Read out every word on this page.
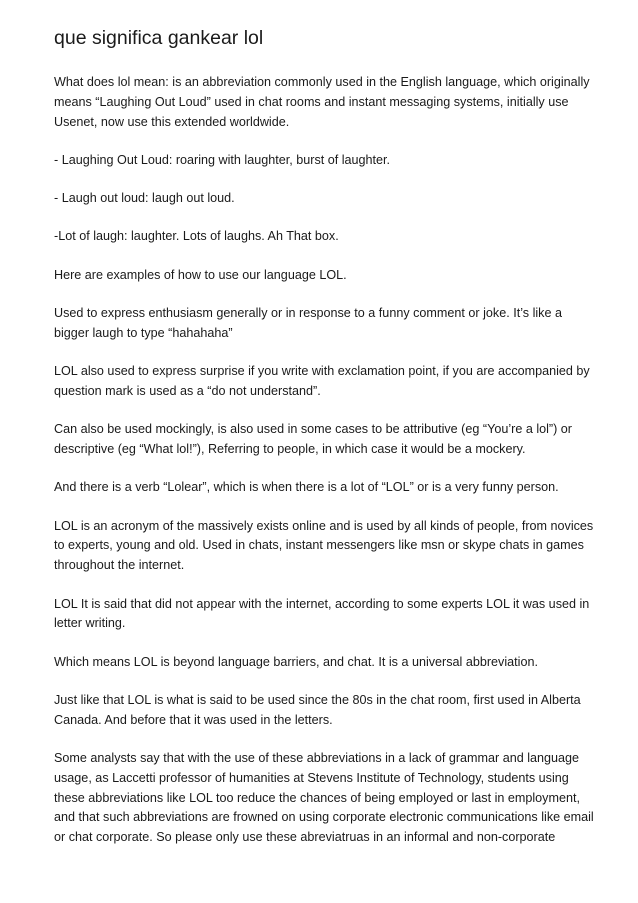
que significa gankear lol

What does lol mean: is an abbreviation commonly used in the English language, which originally means “Laughing Out Loud” used in chat rooms and instant messaging systems, initially use Usenet, now use this extended worldwide.

- Laughing Out Loud: roaring with laughter, burst of laughter.

- Laugh out loud: laugh out loud.

-Lot of laugh: laughter. Lots of laughs. Ah That box.

Here are examples of how to use our language LOL.

Used to express enthusiasm generally or in response to a funny comment or joke. It’s like a bigger laugh to type “hahahaha”

LOL also used to express surprise if you write with exclamation point, if you are accompanied by question mark is used as a “do not understand”.

Can also be used mockingly, is also used in some cases to be attributive (eg “You’re a lol”) or descriptive (eg “What lol!”), Referring to people, in which case it would be a mockery.

And there is a verb “Lolear”, which is when there is a lot of “LOL” or is a very funny person.

LOL is an acronym of the massively exists online and is used by all kinds of people, from novices to experts, young and old. Used in chats, instant messengers like msn or skype chats in games throughout the internet.

LOL It is said that did not appear with the internet, according to some experts LOL it was used in letter writing.

Which means LOL is beyond language barriers, and chat. It is a universal abbreviation.

Just like that LOL is what is said to be used since the 80s in the chat room, first used in Alberta Canada. And before that it was used in the letters.

Some analysts say that with the use of these abbreviations in a lack of grammar and language usage, as Laccetti professor of humanities at Stevens Institute of Technology, students using these abbreviations like LOL too reduce the chances of being employed or last in employment, and that such abbreviations are frowned on using corporate electronic communications like email or chat corporate. So please only use these abreviatruas in an informal and non-corporate
